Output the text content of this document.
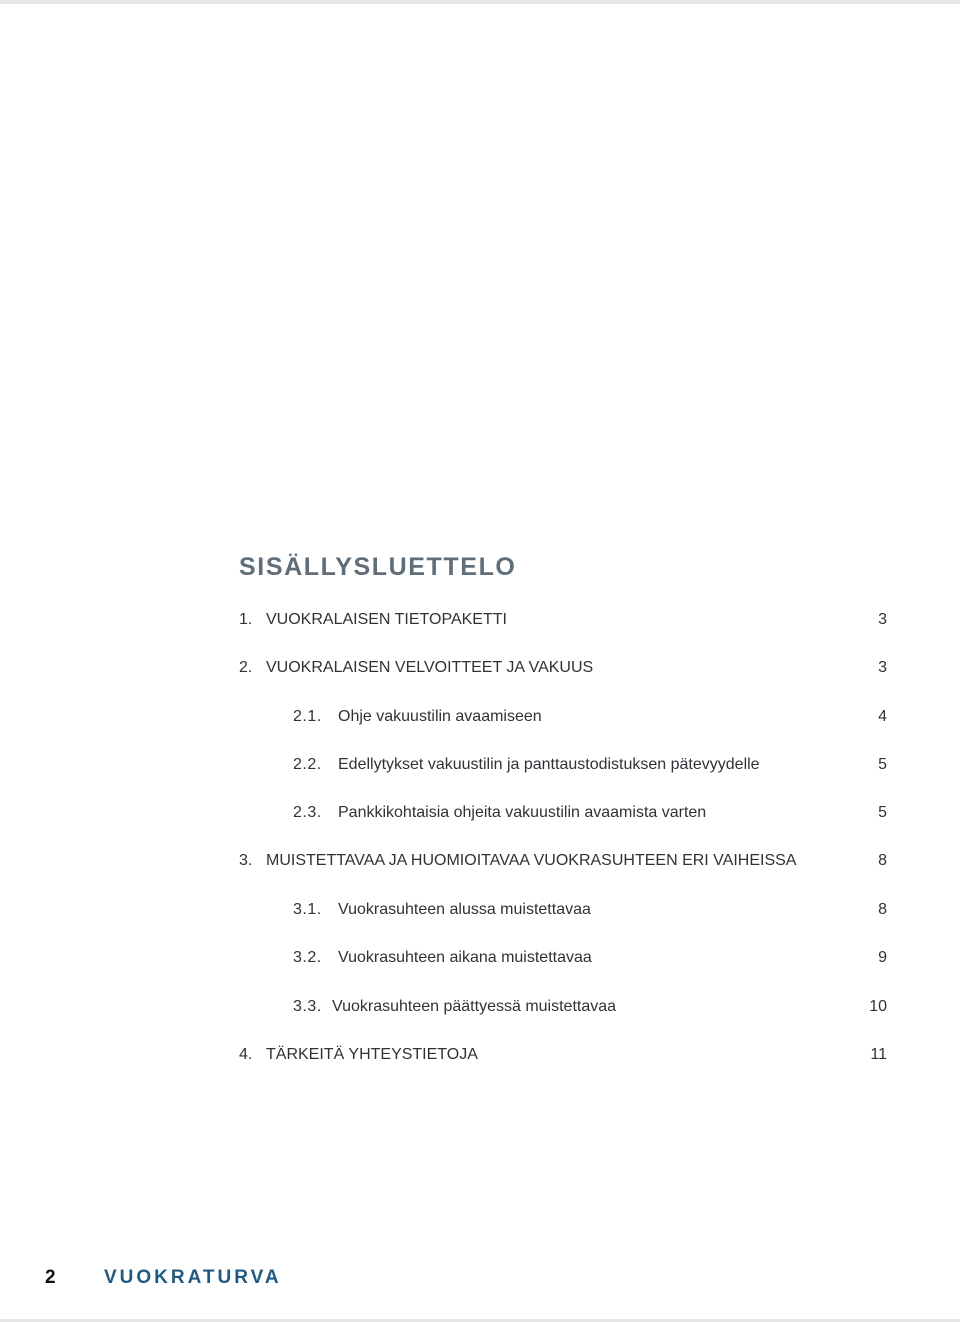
SISÄLLYSLUETTELO
1. VUOKRALAISEN TIETOPAKETTI	3
2. VUOKRALAISEN VELVOITTEET JA VAKUUS	3
2.1. Ohje vakuustilin avaamiseen	4
2.2. Edellytykset vakuustilin ja panttaustodistuksen pätevyydelle	5
2.3. Pankkikohtaisia ohjeita vakuustilin avaamista varten	5
3. MUISTETTAVAA JA HUOMIOITAVAA VUOKRASUHTEEN ERI VAIHEISSA	8
3.1. Vuokrasuhteen alussa muistettavaa	8
3.2. Vuokrasuhteen aikana muistettavaa	9
3.3. Vuokrasuhteen päättyessä muistettavaa	10
4. TÄRKEITÄ YHTEYSTIETOJA	11
2	VUOKRATURVA
